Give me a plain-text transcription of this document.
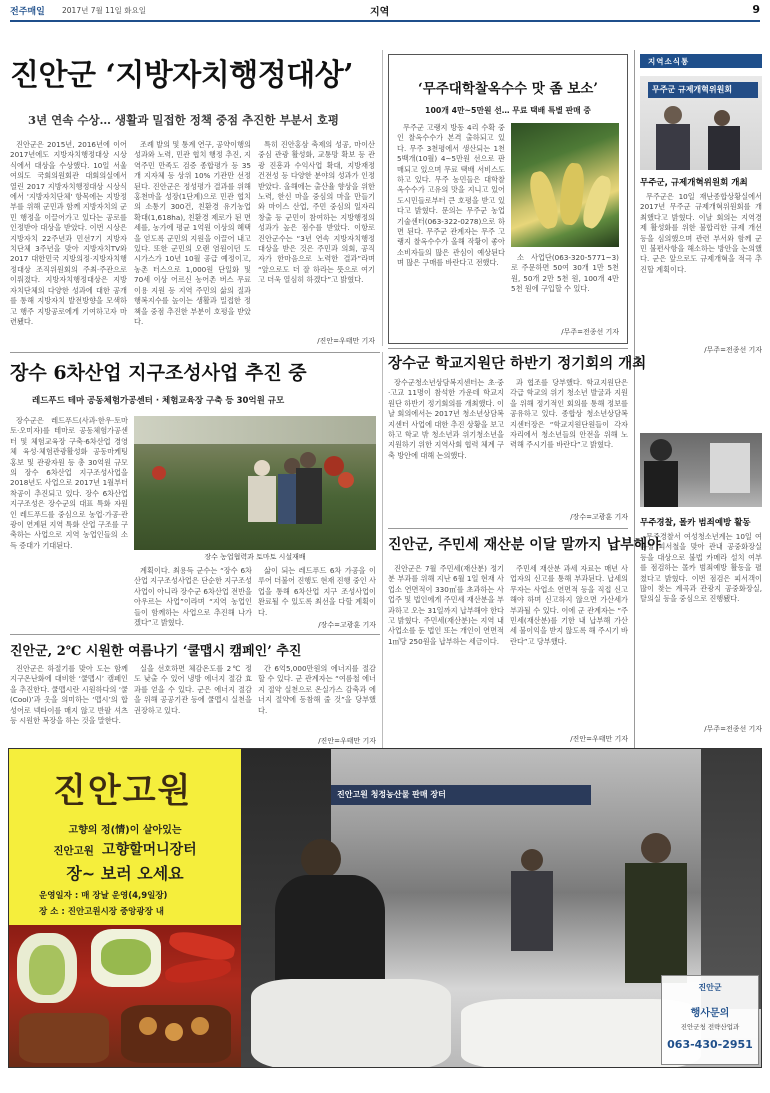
전주매일 2017년 7월 11일 화요일	지역	9
진안군 ‘지방자치행정대상’
3년 연속 수상… 생활과 밀접한 정책 중점 추진한 부분서 호평

진안군은 2015년, 2016년에 이어 2017년에도 지방자치행정대상 시상식에서 대상을 수상했다. 10일 서울 여의도 국회의원회관 대회의실에서 열린 2017 지방자치행정대상 시상식에서 '지방자치단체' 항목에는 지방정부를 위해 군민과 함께 지방자치의 군민 행정을 이끌어가고 있다는 공로를 인정받아 대상을 받았다. 이번 시상은 지방자치 22주년과 민선7기 지방자치단체 3주년을 맞아 지방자치TV와 2017 대한민국 지방의정·지방자치행정대상 조직위원회의 주최·주관으로 이뤄졌다. 지방자치행정대상은 지방자치단체의 다양한 성과에 대한 공개를 통해 지방자치 발전방향을 모색하고 행주 지방공로에게 기여하고자 마련됐다.

조례 발의 및 통계 연구, 공약이행의 성과와 노력, 민관 협치 행정 추진, 지역주민 만족도 검증 종합평가 등 35개 지자체 등 상위 10% 기관만 선정된다. 진안군은 정성평가 결과를 위해 홍천마을 성장(1단계)으로 민관 협치의 소통기 300건, 친환경 유기농업 확대(1,618ha), 친환경 제로가 된 면세를, 농가에 평균 1억원 이상의 혜택을 얻도록 군민의 지원을 이끌어 내고 있다. 또한 군민의 오랜 염원이던 도시가스가 10년 10월 공급 예정이고, 농촌 터스으로 1,000원 단일화 및 70세 이상 어르신 농어촌 버스 무료이용 지원 등 지역 주민의 삶의 질과 행복지수를 높이는 생활과 밀접한 정책을 중점 추진한 부분이 호평을 받았다.

특히 진안홍삼 축제의 성공, 마이산 중심 관광 활성화, 교통망 확보 등 관광 진흥과 수익사업 확대, 지방재정 건전성 등 다양한 분야의 성과가 인정받았다. 올해에는 출산율 향상을 위한 노력, 한신 마을 중심의 마을 만들기와 마이스 산업, 주민 중심의 일자리 창출 등 군민이 참여하는 지방행정의 성과가 높은 점수를 받았다. 이항로 진안군수는 “3년 연속 지방자치행정대상을 받은 것은 주민과 의회, 공직자가 한마음으로 노력한 결과”라며 “앞으로도 더 잘 하라는 뜻으로 여기고 더욱 열심히 하겠다”고 밝혔다.

/진안=우태만 기자
‘무주대학찰옥수수 맛 좀 보소’
100개 4만~5만원 선… 무료 택배 특별 판매 중

무주군 고랭지 방동 4리 수확 중인 찰옥수수가 본격 출하되고 있다. 무주 3천평에서 생산되는 1천 5백개(10월) 4~5만원 선으로 판매되고 있으며 무료 택배 서비스도 하고 있다. 무주 농민들은 대학찰옥수수가 고유의 맛을 지니고 있어 도시민들로부터 큰 호평을 받고 있다고 밝혔다. 문의는 무주군 농업기술센터(063-322-0278)으로 하면 된다. 무주군 관계자는 무주 고랭지 찰옥수수가 올해 작황이 좋아 소비자들의 많은 관심이 예상된다며 많은 구매를 바란다고 전했다.

소 사업단(063-320-5771~3)로 주문하면 50여 30개 1만 5천 원, 50개 2만 5천 원, 100개 4만 5천 원에 구입할 수 있다.

/무주=전종선 기자
지역소식통
무주군 규제개혁위원회
무주군, 규제개혁위원회 개최

무주군은 10일 재난종합상황실에서 2017년 무주군 규제개혁위원회를 개최했다고 밝혔다. 이날 회의는 지역경제 활성화를 위한 불합리한 규제 개선 등을 심의했으며 관련 부서와 함께 군민 불편사항을 해소하는 방안을 논의했다. 군은 앞으로도 규제개혁을 적극 추진할 계획이다.

/무주=전종선 기자
무주경찰, 몰카 범죄예방 활동

무주경찰서 여성청소년계는 10일 여름철 피서철을 맞아 관내 공중화장실 등을 대상으로 불법 카메라 설치 여부를 점검하는 몰카 범죄예방 활동을 펼쳤다고 밝혔다. 이번 점검은 피서객이 많이 찾는 계곡과 관광지 공중화장실, 탈의실 등을 중심으로 진행됐다.

/무주=전종선 기자
장수 6차산업 지구조성사업 추진 중
레드푸드 테마 공동체험가공센터 · 체험교육장 구축 등 30억원 규모

장수군은 레드푸드(사과·한우·토마토·오미자)를 테마로 공동체험가공센터 및 체험교육장 구축·6차산업 경영체 육성·체험관광활성화 공동마케팅 홍보 및 관광자원 등 총 30억원 규모의 장수 6차산업 지구조성사업을 2018년도 사업으로 2017년 1월부터 착공이 추진되고 있다. 장수 6차산업지구조성은 장수군의 대표 특화 자원인 레드푸드를 중심으로 농업·가공·관광이 연계된 지역 특화 산업 구조를 구축하는 사업으로 지역 농업인들의 소득 증대가 기대된다.

장수 농업협력과 토마토 시설재배

계획이다. 최용득 군수는 “장수 6차산업 지구조성사업은 단순한 지구조성 사업이 아니라 장수군 6차산업 전반을 아우르는 사업”이라며 “지역 농업인들이 함께하는 사업으로 추진해 나가겠다”고 밝혔다.

삶이 되는 레드푸드 6차 가공을 이루어 더불어 진행도 현재 진행 중인 사업을 통해 6차산업 지구 조성사업이 완료될 수 있도록 최선을 다할 계획이다.

/장수=고광훈 기자
장수군 학교지원단 하반기 정기회의 개최

장수군청소년상담복지센터는 초·중·고교 11명이 참석한 가운데 학교지원단 하반기 정기회의를 개최했다. 이날 회의에서는 2017년 청소년상담복지센터 사업에 대한 추진 상황을 보고하고 학교 밖 청소년과 위기청소년을 지원하기 위한 지역사회 협력 체계 구축 방안에 대해 논의했다.

과 협조를 당부했다. 학교지원단은 각급 학교의 위기 청소년 발굴과 지원을 위해 정기적인 회의를 통해 정보를 공유하고 있다. 종합상 청소년상담복지센터장은 “학교지원단원들이 각자 자리에서 청소년들의 안전을 위해 노력해 주시기를 바란다”고 밝혔다.

/장수=고광훈 기자
진안군, 주민세 재산분 이달 말까지 납부해야

진안군은 7월 주민세(재산분) 정기분 부과를 위해 지난 6월 1일 현재 사업소 연면적이 330㎡를 초과하는 사업주 및 법인에게 주민세 재산분을 부과하고 오는 31일까지 납부해야 한다고 밝혔다. 주민세(재산분)는 지역 내 사업소를 둔 법인 또는 개인이 연면적 1㎡당 250원을 납부하는 세금이다.

주민세 재산분 과세 자료는 매년 사업자의 신고를 통해 부과된다. 납세의무자는 사업소 연면적 등을 직접 신고해야 하며 신고하지 않으면 가산세가 부과될 수 있다. 이에 군 관계자는 “주민세(재산분)를 기한 내 납부해 가산세 불이익을 받지 않도록 해 주시기 바란다”고 당부했다.

/진안=우태만 기자
진안군, 2℃ 시원한 여름나기 ‘쿨맵시 캠페인’ 추진

진안군은 하절기를 맞아 도는 함께 지구온난화에 대비한 ‘쿨맵시’ 캠페인을 추진한다. 쿨맵시란 시원하다의 ‘쿨(Cool)’과 옷을 의미하는 ‘맵시’의 합성어로 넥타이를 매지 않고 반팔 셔츠 등 시원한 복장을 하는 것을 말한다.

실을 선호하면 체감온도를 2℃ 정도 낮출 수 있어 냉방 에너지 절감 효과를 얻을 수 있다. 군은 에너지 절감을 위해 공공기관 등에 쿨맵시 실천을 권장하고 있다.

간 6억5,000만원의 에너지를 절감할 수 있다. 군 관계자는 “여름철 에너지 절약 실천으로 온실가스 감축과 에너지 절약에 동참해 줄 것”을 당부했다.

/진안=우태만 기자
진안고원
고향의 정(情)이 살아있는
진안고원 고향할머니장터
장~ 보러 오세요
운영일자 : 매 장날 운영(4,9일장)
장 소 : 진안고원시장 중앙광장 내
진안고원 청정농산물 판매 장터
진안군
행사문의
진안군청 전략산업과
063-430-2951
